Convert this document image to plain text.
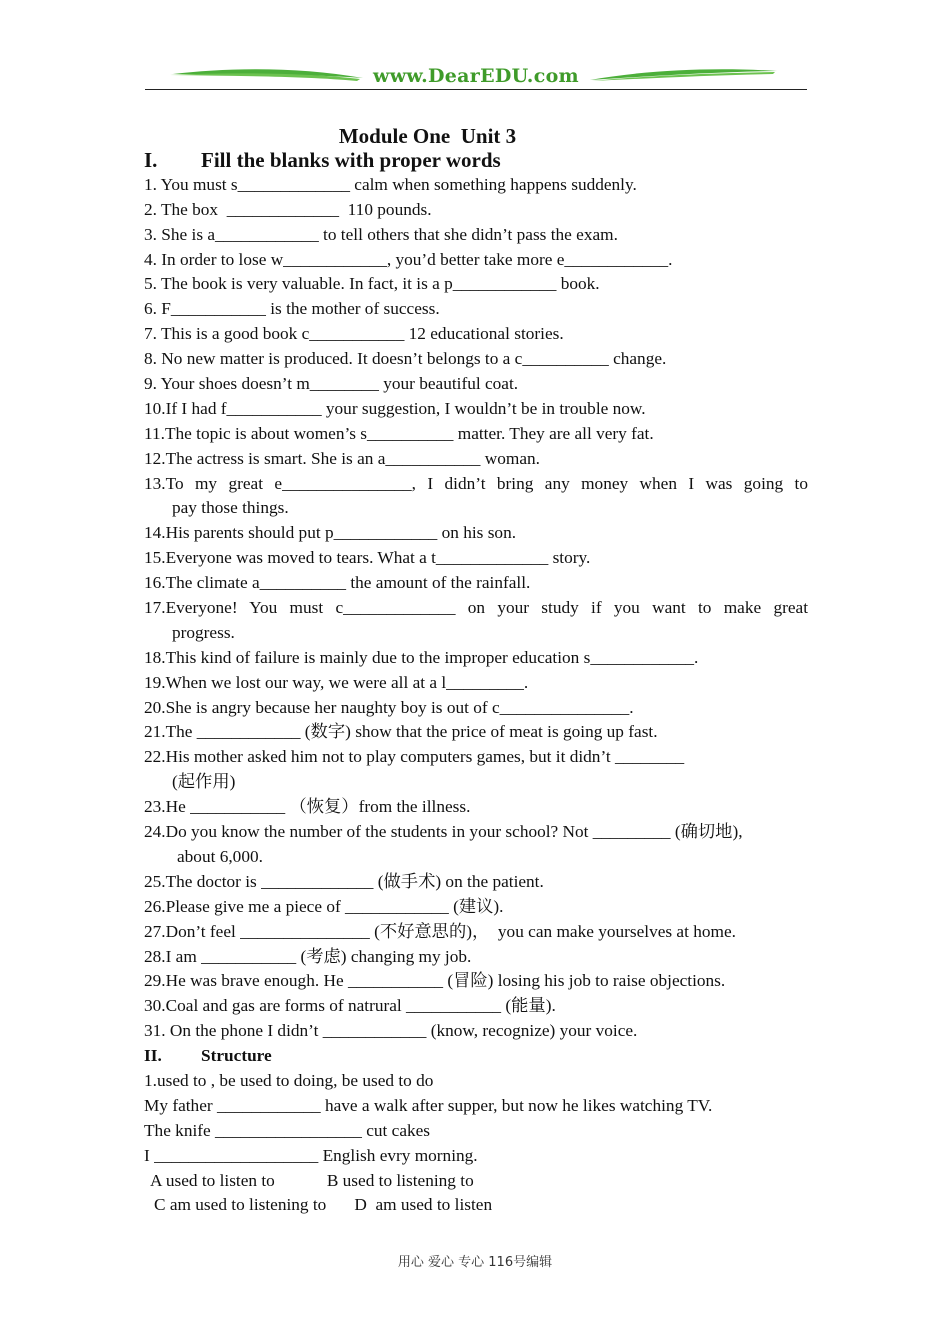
www.DearEDU.com
Module One  Unit 3
I. Fill the blanks with proper words
1. You must s_____________ calm when something happens suddenly.
2. The box  _____________  110 pounds.
3. She is a____________ to tell others that she didn’t pass the exam.
4. In order to lose w____________, you’d better take more e____________.
5. The book is very valuable. In fact, it is a p____________ book.
6. F___________ is the mother of success.
7. This is a good book c___________ 12 educational stories.
8. No new matter is produced. It doesn’t belongs to a c__________ change.
9. Your shoes doesn’t m________ your beautiful coat.
10.If I had f___________ your suggestion, I wouldn’t be in trouble now.
11.The topic is about women’s s__________ matter. They are all very fat.
12.The actress is smart. She is an a___________ woman.
13.To my great e_______________, I didn’t bring any money when I was going to
pay those things.
14.His parents should put p____________ on his son.
15.Everyone was moved to tears. What a t_____________ story.
16.The climate a__________ the amount of the rainfall.
17.Everyone! You must c_____________ on your study if you want to make great
progress.
18.This kind of failure is mainly due to the improper education s____________.
19.When we lost our way, we were all at a l_________.
20.She is angry because her naughty boy is out of c_______________.
21.The ____________ (数字) show that the price of meat is going up fast.
22.His mother asked him not to play computers games, but it didn’t ________
(起作用)
23.He ___________ （恢复）from the illness.
24.Do you know the number of the students in your school? Not _________ (确切地),
about 6,000.
25.The doctor is _____________ (做手术) on the patient.
26.Please give me a piece of ____________ (建议).
27.Don’t feel _______________ (不好意思的)，  you can make yourselves at home.
28.I am ___________ (考虑) changing my job.
29.He was brave enough. He ___________ (冒险) losing his job to raise objections.
30.Coal and gas are forms of natrural ___________ (能量).
31. On the phone I didn’t ____________ (know, recognize) your voice.
II. Structure
1.used to , be used to doing, be used to do
My father ____________ have a walk after supper, but now he likes watching TV.
The knife _________________ cut cakes
I ___________________ English evry morning.
A used to listen to	B used to listening to
C am used to listening to D  am used to listen
用心 爱心 专心 116号编辑
